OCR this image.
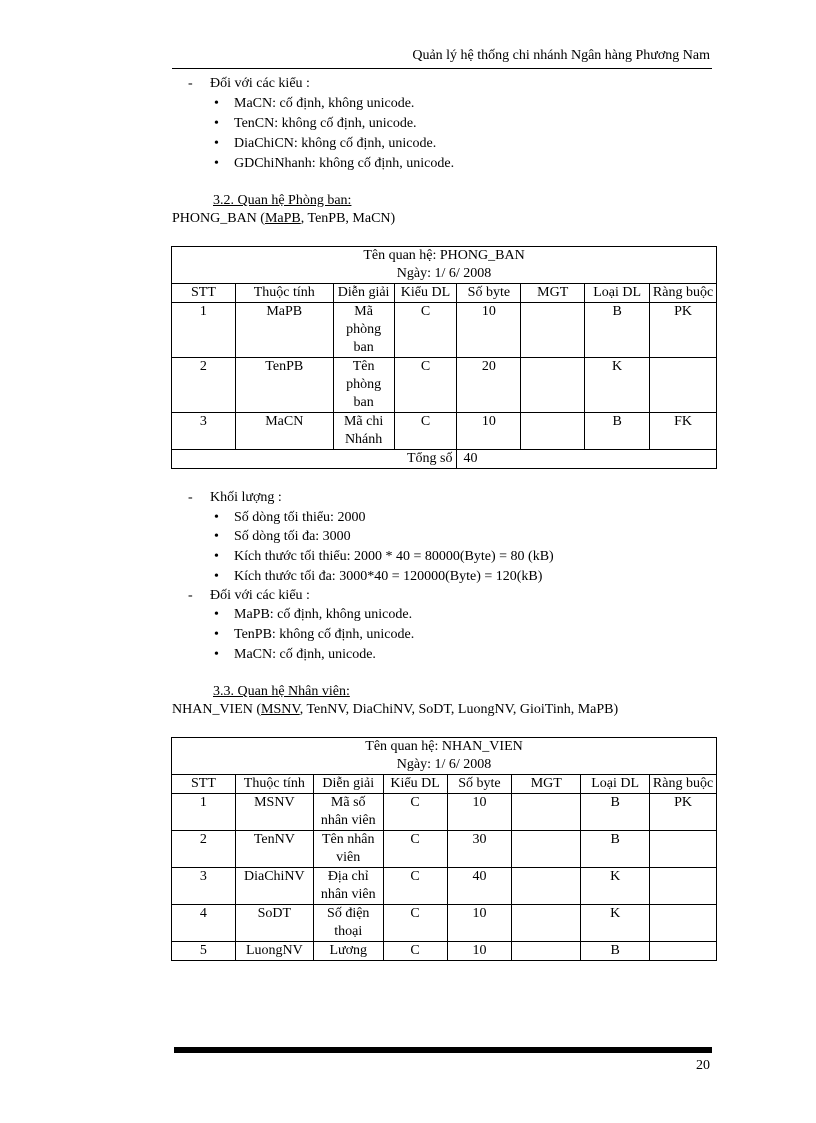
Quản lý hệ thống chi nhánh Ngân hàng Phương Nam
- Đối với các kiểu :
• MaCN: cố định, không unicode.
• TenCN: không cố định, unicode.
• DiaChiCN: không cố định, unicode.
• GDChiNhanh: không cố định, unicode.
3.2. Quan hệ Phòng ban:
PHONG_BAN (MaPB, TenPB, MaCN)
Tên quan hệ: PHONG_BAN
Ngày: 1/ 6/ 2008							

STT	Thuộc tính	Diễn giải	Kiểu DL	Số byte	MGT	Loại DL	Ràng buộc
1	MaPB	Mã phòng ban	C	10		B	PK
2	TenPB	Tên phòng ban	C	20		K	
3	MaCN	Mã chi Nhánh	C	10		B	FK
Tổng số				40			
- Khối lượng :
• Số dòng tối thiểu: 2000
• Số dòng tối đa: 3000
• Kích thước tối thiểu: 2000 * 40 = 80000(Byte) = 80 (kB)
• Kích thước tối đa: 3000*40 = 120000(Byte) = 120(kB)
- Đối với các kiểu :
• MaPB: cố định, không unicode.
• TenPB: không cố định, unicode.
• MaCN: cố định, unicode.
3.3. Quan hệ Nhân viên:
NHAN_VIEN (MSNV, TenNV, DiaChiNV, SoDT, LuongNV, GioiTinh, MaPB)
Tên quan hệ: NHAN_VIEN
Ngày: 1/ 6/ 2008							

STT	Thuộc tính	Diễn giải	Kiểu DL	Số byte	MGT	Loại DL	Ràng buộc
1	MSNV	Mã số nhân viên	C	10		B	PK
2	TenNV	Tên nhân viên	C	30		B	
3	DiaChiNV	Địa chỉ nhân viên	C	40		K	
4	SoDT	Số điện thoại	C	10		K	
5	LuongNV	Lương	C	10		B	
20
